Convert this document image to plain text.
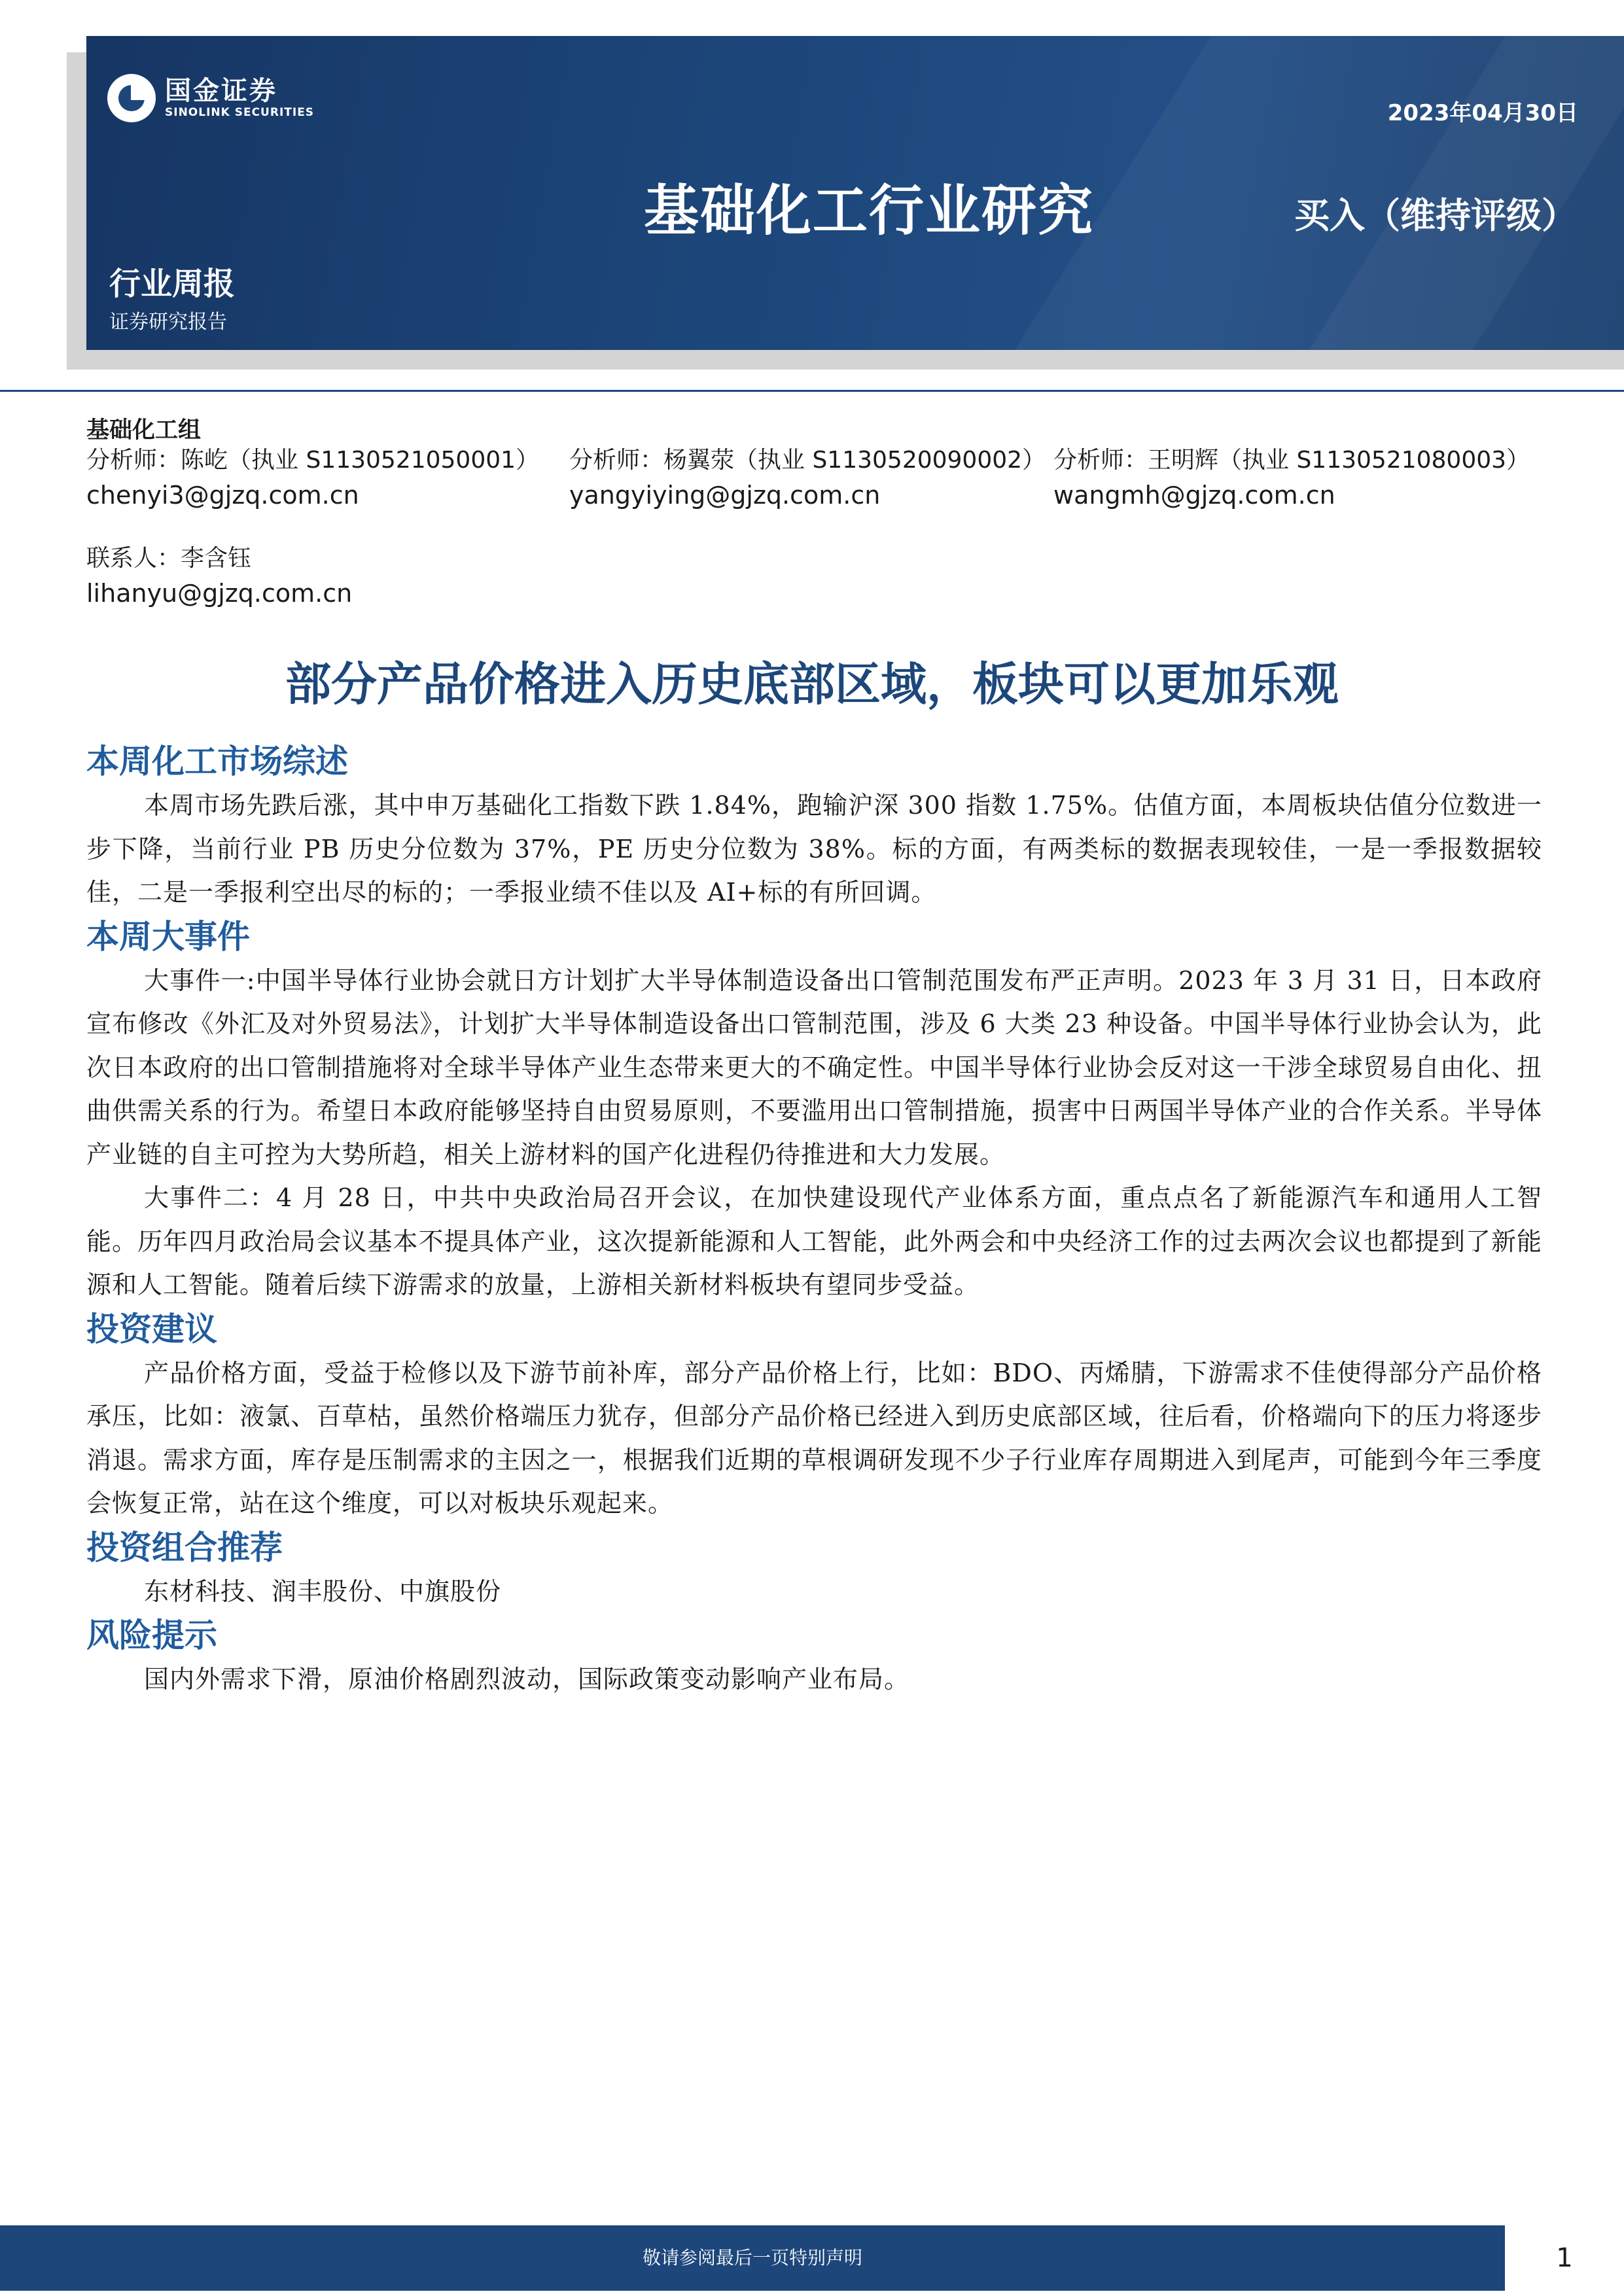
国金证券
SINOLINK SECURITIES	2023年04月30日
基础化工行业研究	买入（维持评级）
行业周报
证券研究报告
基础化工组
分析师：陈屹（执业 S1130521050001）
chenyi3@gjzq.com.cn
分析师：杨翼荥（执业 S1130520090002）
yangyiying@gjzq.com.cn
分析师：王明辉（执业 S1130521080003）
wangmh@gjzq.com.cn
联系人：李含钰
lihanyu@gjzq.com.cn
部分产品价格进入历史底部区域，板块可以更加乐观
本周化工市场综述

本周市场先跌后涨，其中申万基础化工指数下跌 1.84%，跑输沪深 300 指数 1.75%。估值方面，本周板块估值分位数进一步下降，当前行业 PB 历史分位数为 37%，PE 历史分位数为 38%。标的方面，有两类标的数据表现较佳，一是一季报数据较佳，二是一季报利空出尽的标的；一季报业绩不佳以及 AI+标的有所回调。

本周大事件

大事件一:中国半导体行业协会就日方计划扩大半导体制造设备出口管制范围发布严正声明。2023 年 3 月 31 日，日本政府宣布修改《外汇及对外贸易法》，计划扩大半导体制造设备出口管制范围，涉及 6 大类 23 种设备。中国半导体行业协会认为，此次日本政府的出口管制措施将对全球半导体产业生态带来更大的不确定性。中国半导体行业协会反对这一干涉全球贸易自由化、扭曲供需关系的行为。希望日本政府能够坚持自由贸易原则，不要滥用出口管制措施，损害中日两国半导体产业的合作关系。半导体产业链的自主可控为大势所趋，相关上游材料的国产化进程仍待推进和大力发展。

大事件二：4 月 28 日，中共中央政治局召开会议，在加快建设现代产业体系方面，重点点名了新能源汽车和通用人工智能。历年四月政治局会议基本不提具体产业，这次提新能源和人工智能，此外两会和中央经济工作的过去两次会议也都提到了新能源和人工智能。随着后续下游需求的放量，上游相关新材料板块有望同步受益。

投资建议

产品价格方面，受益于检修以及下游节前补库，部分产品价格上行，比如：BDO、丙烯腈，下游需求不佳使得部分产品价格承压，比如：液氯、百草枯，虽然价格端压力犹存，但部分产品价格已经进入到历史底部区域，往后看，价格端向下的压力将逐步消退。需求方面，库存是压制需求的主因之一，根据我们近期的草根调研发现不少子行业库存周期进入到尾声，可能到今年三季度会恢复正常，站在这个维度，可以对板块乐观起来。

投资组合推荐

东材科技、润丰股份、中旗股份

风险提示

国内外需求下滑，原油价格剧烈波动，国际政策变动影响产业布局。

敬请参阅最后一页特别声明	1
